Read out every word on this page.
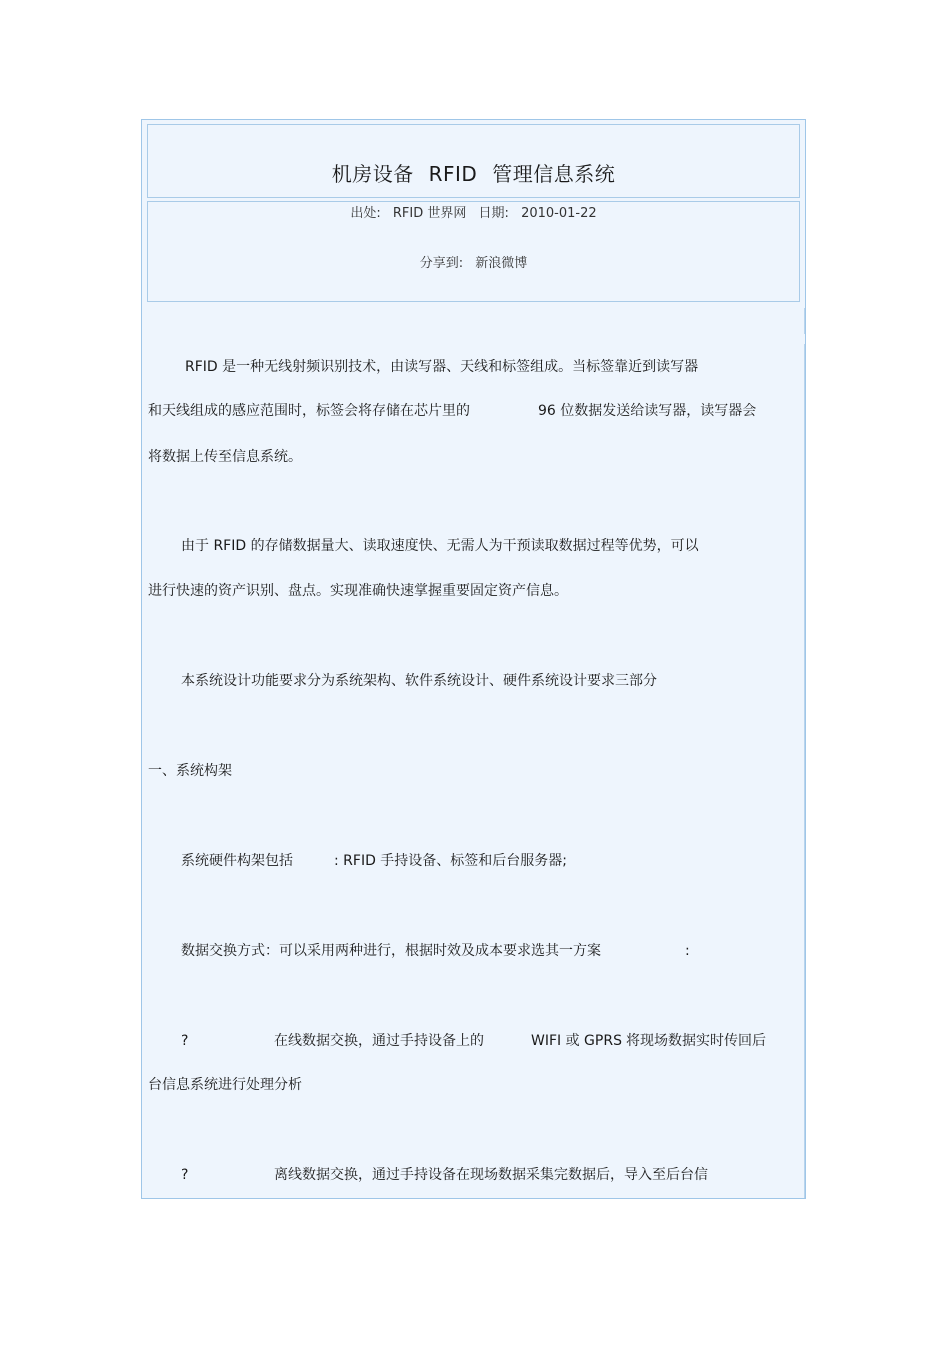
机房设备 RFID 管理信息系统
出处: RFID 世界网 日期: 2010-01-22
分享到: 新浪微博
RFID 是一种无线射频识别技术，由读写器、天线和标签组成。当标签靠近到读写器
和天线组成的感应范围时，标签会将存储在芯片里的	96 位数据发送给读写器，读写器会
将数据上传至信息系统。
由于 RFID 的存储数据量大、读取速度快、无需人为干预读取数据过程等优势，可以
进行快速的资产识别、盘点。实现准确快速掌握重要固定资产信息。
本系统设计功能要求分为系统架构、软件系统设计、硬件系统设计要求三部分
一、系统构架
系统硬件构架包括	: RFID 手持设备、标签和后台服务器;
数据交换方式：可以采用两种进行，根据时效及成本要求选其一方案	:
?	在线数据交换，通过手持设备上的	WIFI 或 GPRS 将现场数据实时传回后
台信息系统进行处理分析
?	离线数据交换，通过手持设备在现场数据采集完数据后，导入至后台信
